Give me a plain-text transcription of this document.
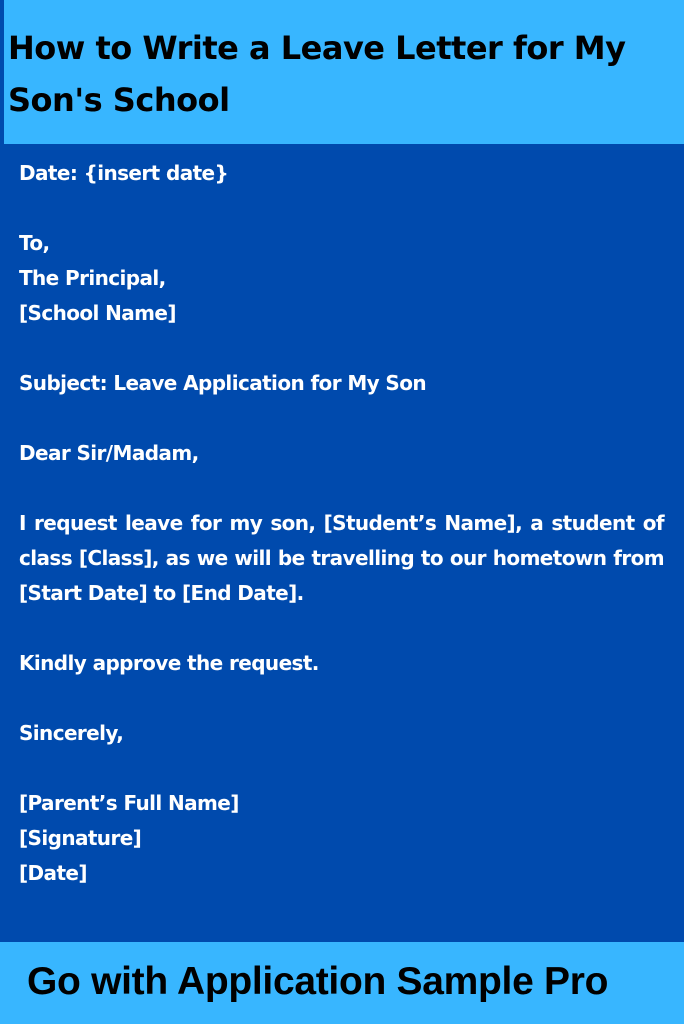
How to Write a Leave Letter for My Son's School
Date: {insert date}
To,
The Principal,
[School Name]
Subject: Leave Application for My Son
Dear Sir/Madam,

I request leave for my son, [Student’s Name], a student of class [Class], as we will be travelling to our hometown from [Start Date] to [End Date].

Kindly approve the request.
Sincerely,
[Parent’s Full Name]
[Signature]
[Date]
Go with Application Sample Pro
